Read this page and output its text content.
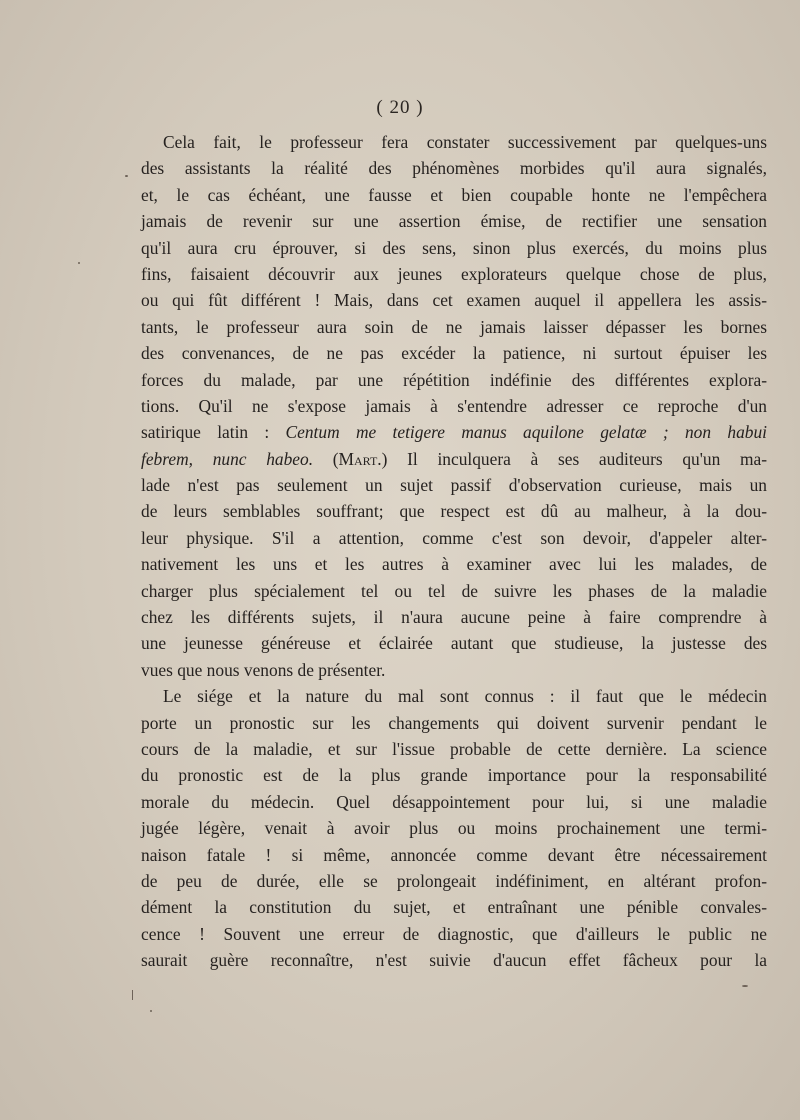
( 20 )
Cela fait, le professeur fera constater successivement par quelques-uns
des assistants la réalité des phénomènes morbides qu'il aura signalés,
et, le cas échéant, une fausse et bien coupable honte ne l'empêchera
jamais de revenir sur une assertion émise, de rectifier une sensation
qu'il aura cru éprouver, si des sens, sinon plus exercés, du moins plus
fins, faisaient découvrir aux jeunes explorateurs quelque chose de plus,
ou qui fût différent ! Mais, dans cet examen auquel il appellera les assis-
tants, le professeur aura soin de ne jamais laisser dépasser les bornes
des convenances, de ne pas excéder la patience, ni surtout épuiser les
forces du malade, par une répétition indéfinie des différentes explora-
tions. Qu'il ne s'expose jamais à s'entendre adresser ce reproche d'un
satirique latin : Centum me tetigere manus aquilone gelatæ ; non habui
febrem, nunc habeo. (Mart.) Il inculquera à ses auditeurs qu'un ma-
lade n'est pas seulement un sujet passif d'observation curieuse, mais un
de leurs semblables souffrant; que respect est dû au malheur, à la dou-
leur physique. S'il a attention, comme c'est son devoir, d'appeler alter-
nativement les uns et les autres à examiner avec lui les malades, de
charger plus spécialement tel ou tel de suivre les phases de la maladie
chez les différents sujets, il n'aura aucune peine à faire comprendre à
une jeunesse généreuse et éclairée autant que studieuse, la justesse des
vues que nous venons de présenter.
Le siége et la nature du mal sont connus : il faut que le médecin
porte un pronostic sur les changements qui doivent survenir pendant le
cours de la maladie, et sur l'issue probable de cette dernière. La science
du pronostic est de la plus grande importance pour la responsabilité
morale du médecin. Quel désappointement pour lui, si une maladie
jugée légère, venait à avoir plus ou moins prochainement une termi-
naison fatale ! si même, annoncée comme devant être nécessairement
de peu de durée, elle se prolongeait indéfiniment, en altérant profon-
dément la constitution du sujet, et entraînant une pénible convales-
cence ! Souvent une erreur de diagnostic, que d'ailleurs le public ne
saurait guère reconnaître, n'est suivie d'aucun effet fâcheux pour la
